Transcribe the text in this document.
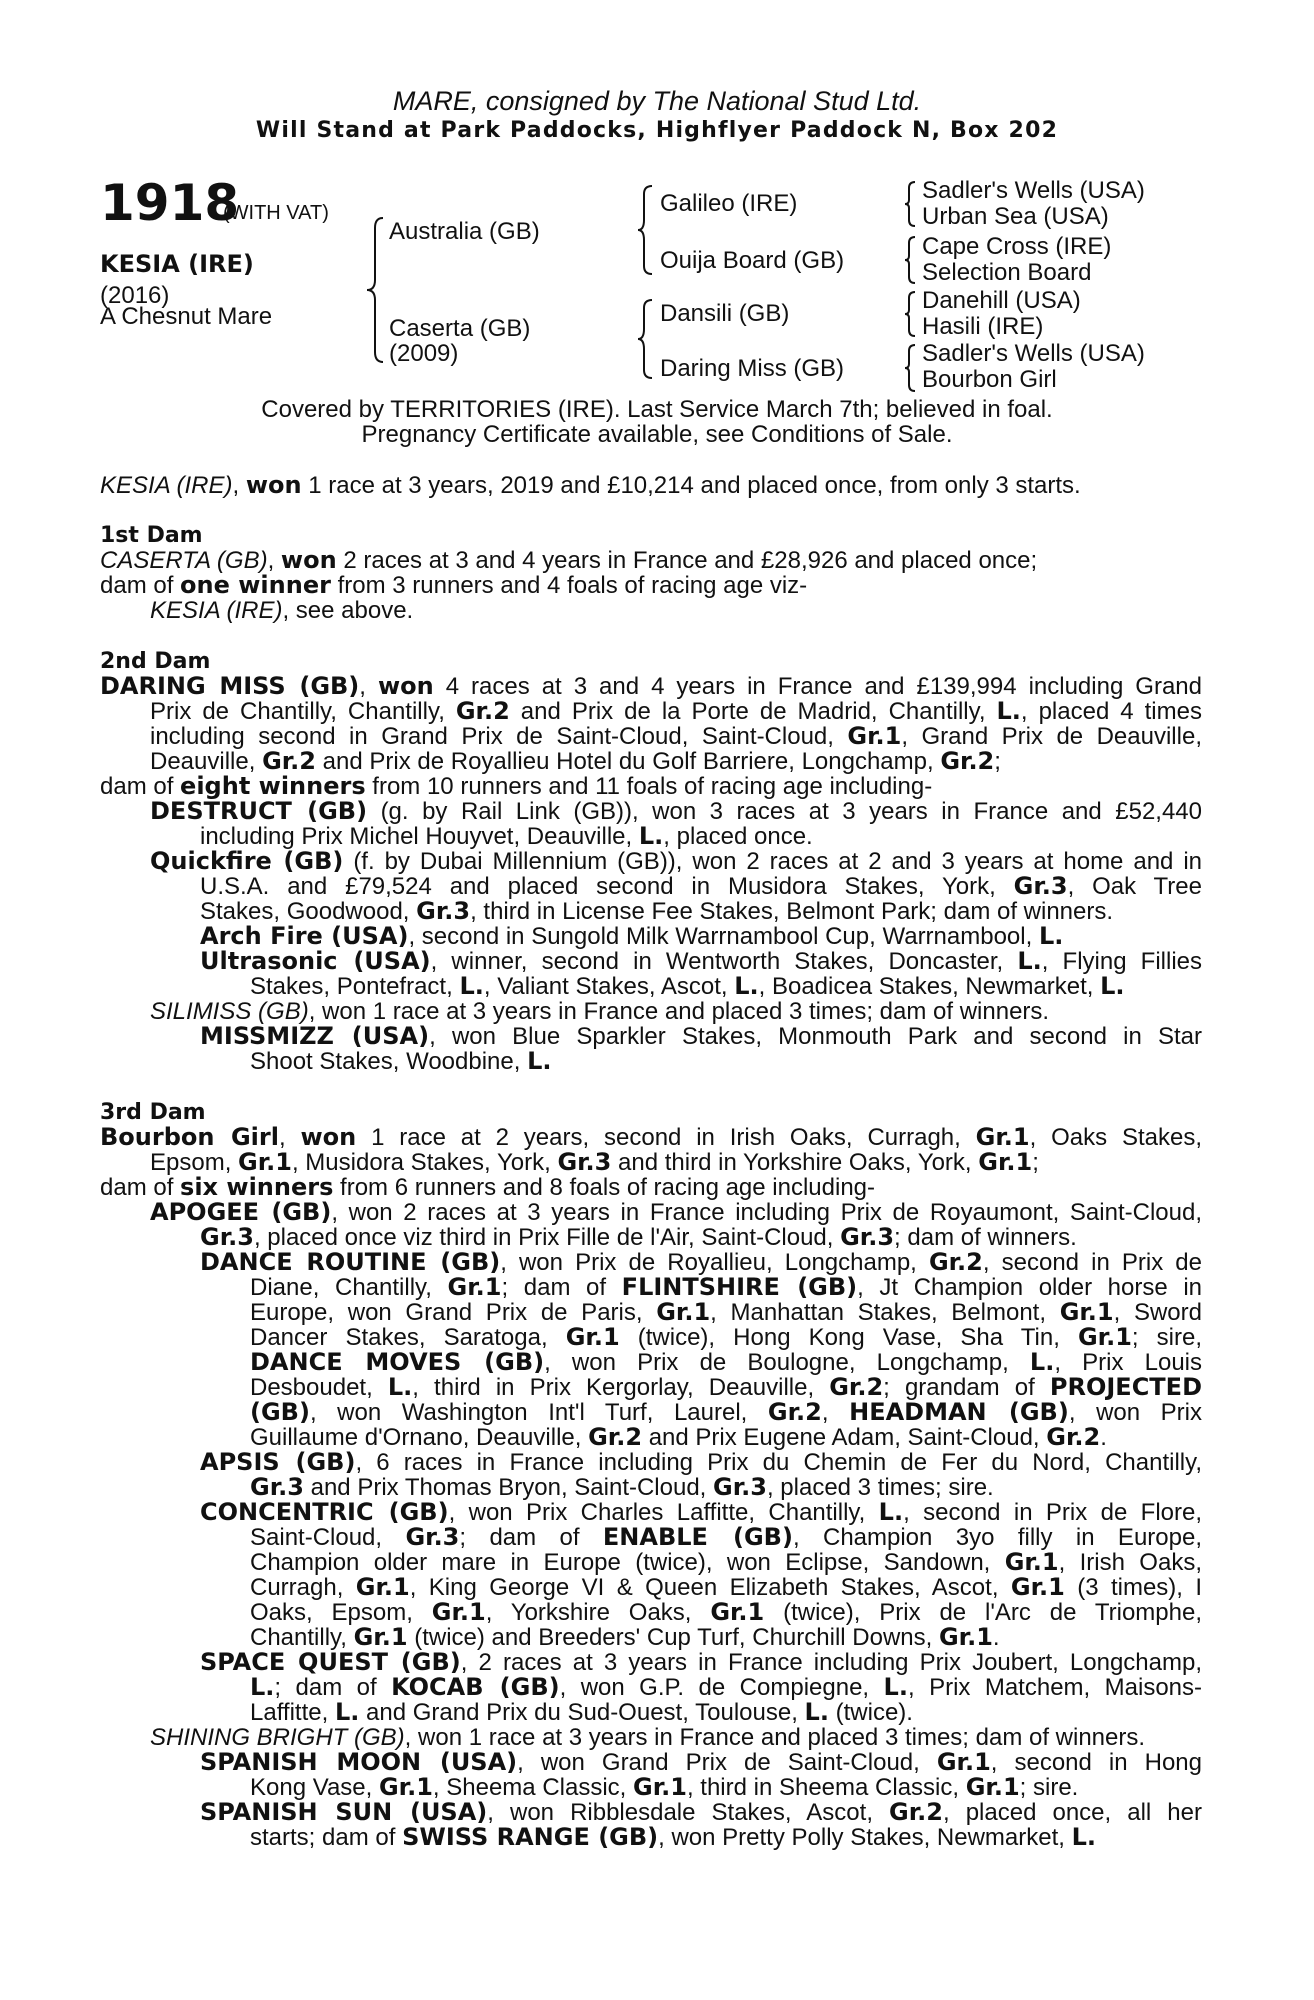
MARE, consigned by The National Stud Ltd.
Will Stand at Park Paddocks, Highflyer Paddock N, Box 202
1918
(WITH VAT)
KESIA (IRE)
(2016)
A Chesnut Mare
Australia (GB)
Caserta (GB)
(2009)
Galileo (IRE)
Ouija Board (GB)
Dansili (GB)
Daring Miss (GB)
Sadler's Wells (USA)
Urban Sea (USA)
Cape Cross (IRE)
Selection Board
Danehill (USA)
Hasili (IRE)
Sadler's Wells (USA)
Bourbon Girl
Covered by TERRITORIES (IRE). Last Service March 7th; believed in foal.
Pregnancy Certificate available, see Conditions of Sale.
KESIA (IRE), won 1 race at 3 years, 2019 and £10,214 and placed once, from only 3 starts.
1st Dam
CASERTA (GB), won 2 races at 3 and 4 years in France and £28,926 and placed once;
dam of one winner from 3 runners and 4 foals of racing age viz-
KESIA (IRE), see above.
2nd Dam
DARING MISS (GB), won 4 races at 3 and 4 years in France and £139,994 including Grand
Prix de Chantilly, Chantilly, Gr.2 and Prix de la Porte de Madrid, Chantilly, L., placed 4 times
including second in Grand Prix de Saint-Cloud, Saint-Cloud, Gr.1, Grand Prix de Deauville,
Deauville, Gr.2 and Prix de Royallieu Hotel du Golf Barriere, Longchamp, Gr.2;
dam of eight winners from 10 runners and 11 foals of racing age including-
DESTRUCT (GB) (g. by Rail Link (GB)), won 3 races at 3 years in France and £52,440
including Prix Michel Houyvet, Deauville, L., placed once.
Quickfire (GB) (f. by Dubai Millennium (GB)), won 2 races at 2 and 3 years at home and in
U.S.A. and £79,524 and placed second in Musidora Stakes, York, Gr.3, Oak Tree
Stakes, Goodwood, Gr.3, third in License Fee Stakes, Belmont Park; dam of winners.
Arch Fire (USA), second in Sungold Milk Warrnambool Cup, Warrnambool, L.
Ultrasonic (USA), winner, second in Wentworth Stakes, Doncaster, L., Flying Fillies
Stakes, Pontefract, L., Valiant Stakes, Ascot, L., Boadicea Stakes, Newmarket, L.
SILIMISS (GB), won 1 race at 3 years in France and placed 3 times; dam of winners.
MISSMIZZ (USA), won Blue Sparkler Stakes, Monmouth Park and second in Star
Shoot Stakes, Woodbine, L.
3rd Dam
Bourbon Girl, won 1 race at 2 years, second in Irish Oaks, Curragh, Gr.1, Oaks Stakes,
Epsom, Gr.1, Musidora Stakes, York, Gr.3 and third in Yorkshire Oaks, York, Gr.1;
dam of six winners from 6 runners and 8 foals of racing age including-
APOGEE (GB), won 2 races at 3 years in France including Prix de Royaumont, Saint-Cloud,
Gr.3, placed once viz third in Prix Fille de l'Air, Saint-Cloud, Gr.3; dam of winners.
DANCE ROUTINE (GB), won Prix de Royallieu, Longchamp, Gr.2, second in Prix de
Diane, Chantilly, Gr.1; dam of FLINTSHIRE (GB), Jt Champion older horse in
Europe, won Grand Prix de Paris, Gr.1, Manhattan Stakes, Belmont, Gr.1, Sword
Dancer Stakes, Saratoga, Gr.1 (twice), Hong Kong Vase, Sha Tin, Gr.1; sire,
DANCE MOVES (GB), won Prix de Boulogne, Longchamp, L., Prix Louis
Desboudet, L., third in Prix Kergorlay, Deauville, Gr.2; grandam of PROJECTED
(GB), won Washington Int'l Turf, Laurel, Gr.2, HEADMAN (GB), won Prix
Guillaume d'Ornano, Deauville, Gr.2 and Prix Eugene Adam, Saint-Cloud, Gr.2.
APSIS (GB), 6 races in France including Prix du Chemin de Fer du Nord, Chantilly,
Gr.3 and Prix Thomas Bryon, Saint-Cloud, Gr.3, placed 3 times; sire.
CONCENTRIC (GB), won Prix Charles Laffitte, Chantilly, L., second in Prix de Flore,
Saint-Cloud, Gr.3; dam of ENABLE (GB), Champion 3yo filly in Europe,
Champion older mare in Europe (twice), won Eclipse, Sandown, Gr.1, Irish Oaks,
Curragh, Gr.1, King George VI & Queen Elizabeth Stakes, Ascot, Gr.1 (3 times), I
Oaks, Epsom, Gr.1, Yorkshire Oaks, Gr.1 (twice), Prix de l'Arc de Triomphe,
Chantilly, Gr.1 (twice) and Breeders' Cup Turf, Churchill Downs, Gr.1.
SPACE QUEST (GB), 2 races at 3 years in France including Prix Joubert, Longchamp,
L.; dam of KOCAB (GB), won G.P. de Compiegne, L., Prix Matchem, Maisons-
Laffitte, L. and Grand Prix du Sud-Ouest, Toulouse, L. (twice).
SHINING BRIGHT (GB), won 1 race at 3 years in France and placed 3 times; dam of winners.
SPANISH MOON (USA), won Grand Prix de Saint-Cloud, Gr.1, second in Hong
Kong Vase, Gr.1, Sheema Classic, Gr.1, third in Sheema Classic, Gr.1; sire.
SPANISH SUN (USA), won Ribblesdale Stakes, Ascot, Gr.2, placed once, all her
starts; dam of SWISS RANGE (GB), won Pretty Polly Stakes, Newmarket, L.
